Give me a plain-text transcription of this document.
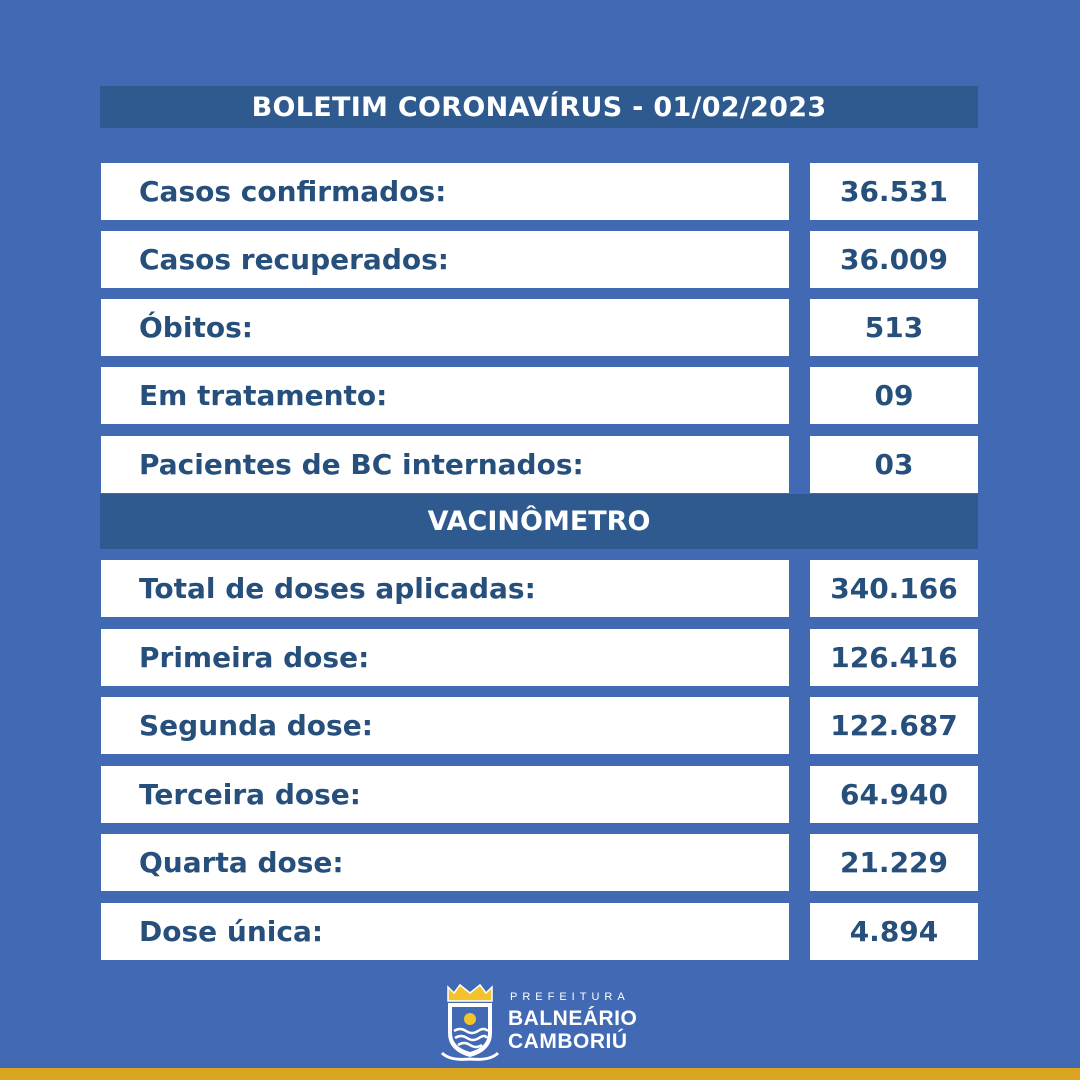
BOLETIM CORONAVÍRUS - 01/02/2023
Casos confirmados:	36.531
Casos recuperados:	36.009
Óbitos:	513
Em tratamento:	09
Pacientes de BC internados:	03
VACINÔMETRO
Total de doses aplicadas:	340.166
Primeira dose:	126.416
Segunda dose:	122.687
Terceira dose:	64.940
Quarta dose:	21.229
Dose única:	4.894
PREFEITURA
BALNEÁRIO
CAMBORIÚ
